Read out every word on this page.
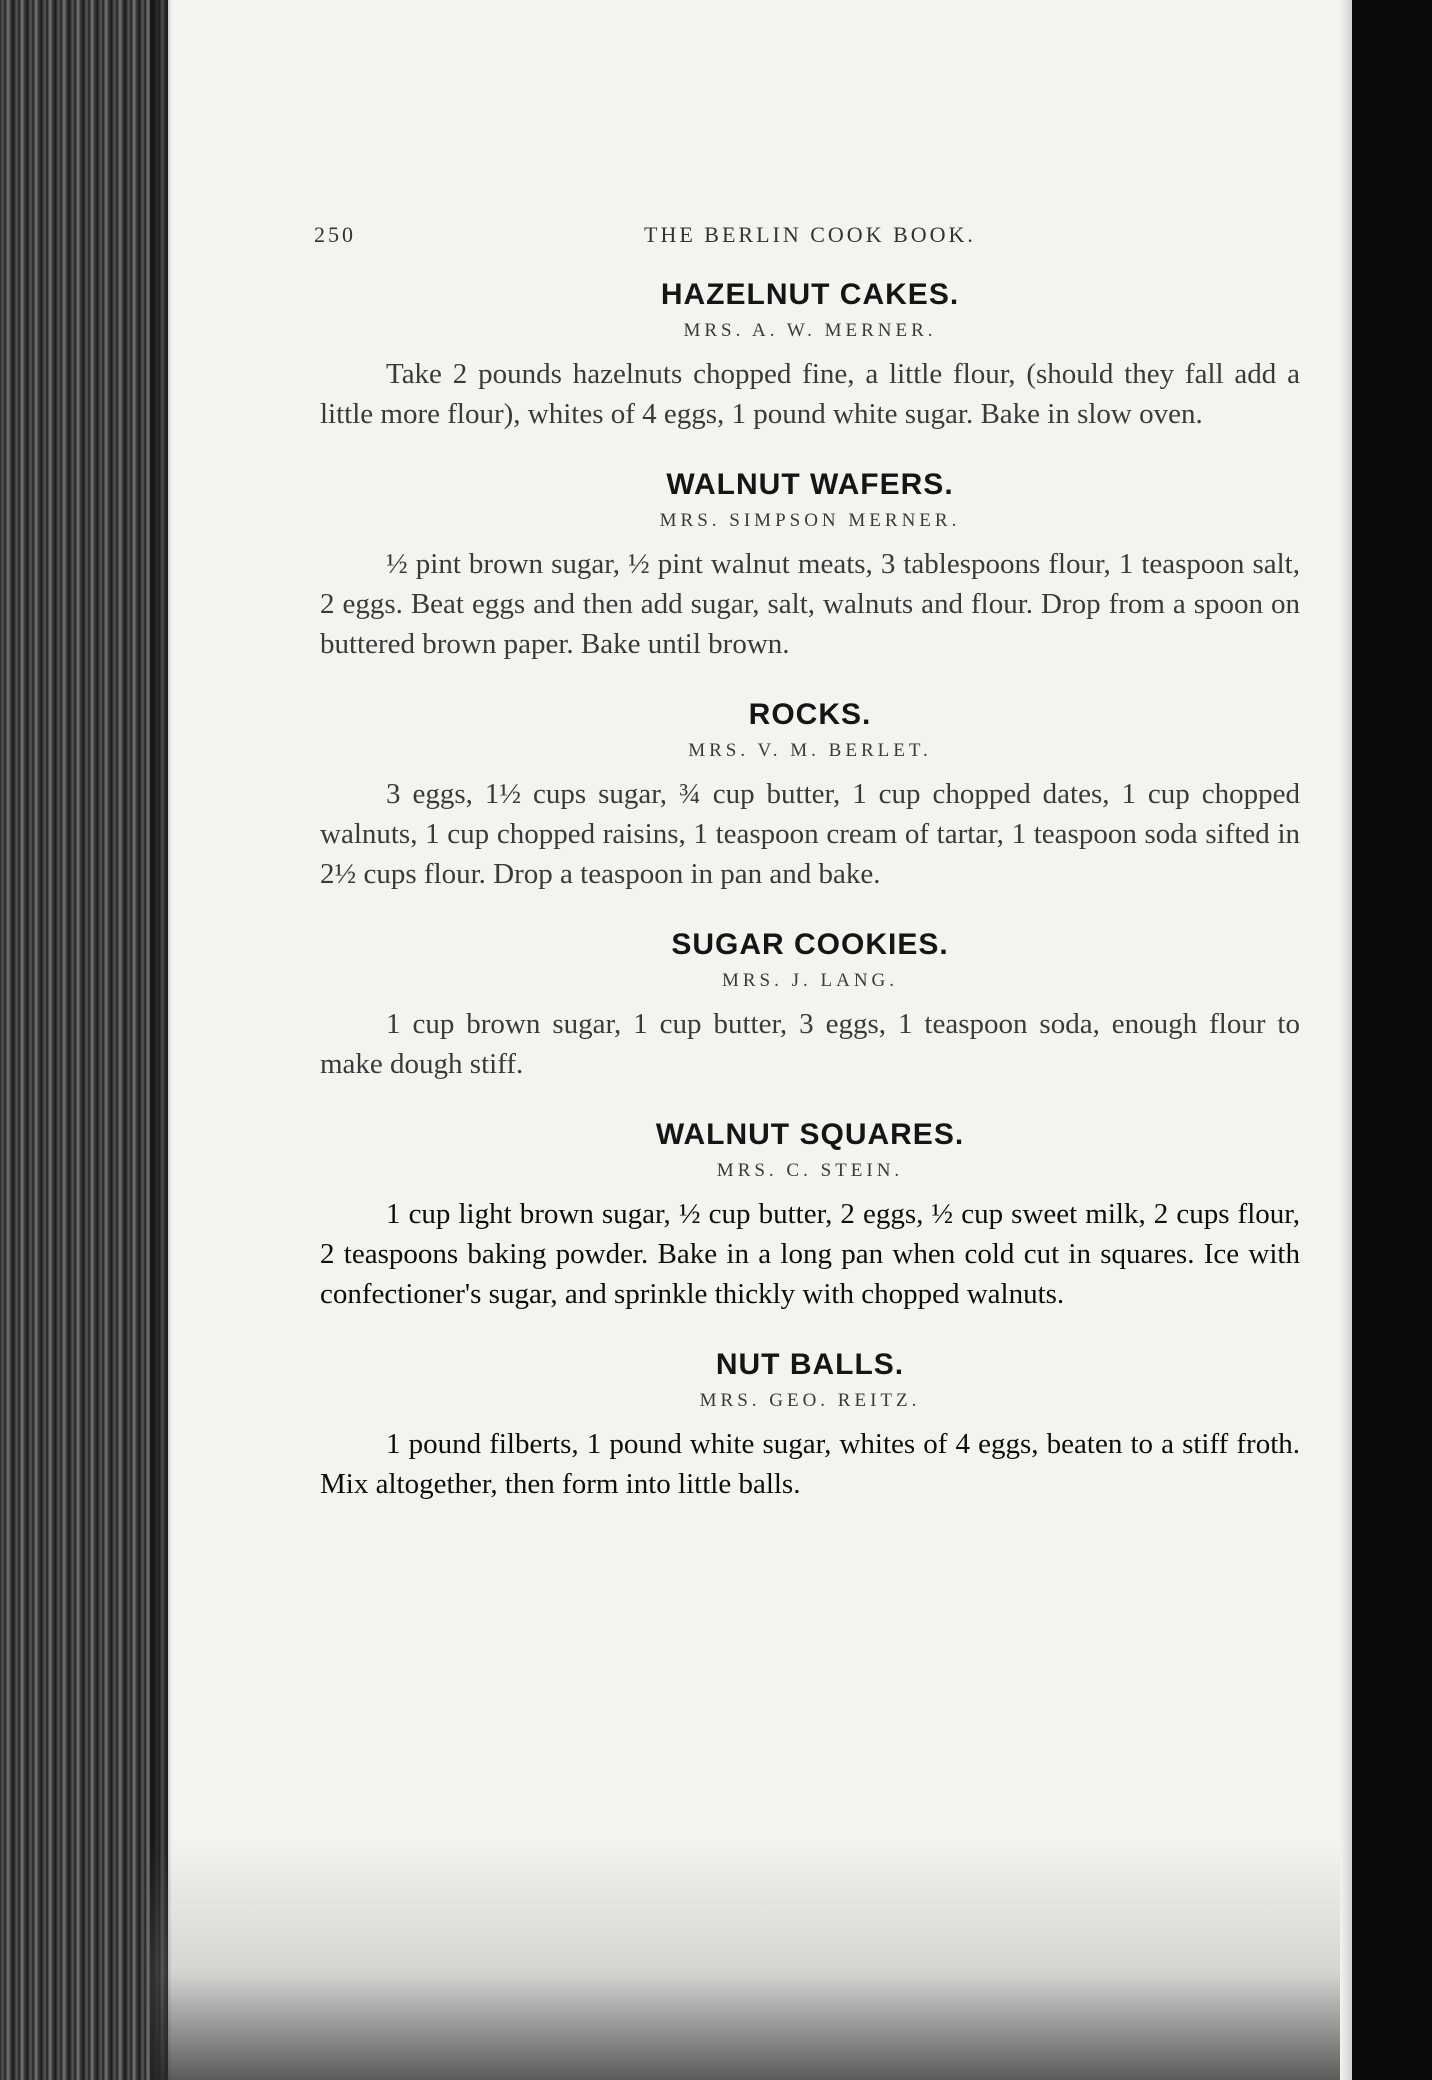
250	THE BERLIN COOK BOOK.
HAZELNUT CAKES.
MRS. A. W. MERNER.

Take 2 pounds hazelnuts chopped fine, a little flour, (should they fall add a little more flour), whites of 4 eggs, 1 pound white sugar. Bake in slow oven.

WALNUT WAFERS.
MRS. SIMPSON MERNER.

½ pint brown sugar, ½ pint walnut meats, 3 tablespoons flour, 1 teaspoon salt, 2 eggs. Beat eggs and then add sugar, salt, walnuts and flour. Drop from a spoon on buttered brown paper. Bake until brown.

ROCKS.
MRS. V. M. BERLET.

3 eggs, 1½ cups sugar, ¾ cup butter, 1 cup chopped dates, 1 cup chopped walnuts, 1 cup chopped raisins, 1 teaspoon cream of tartar, 1 teaspoon soda sifted in 2½ cups flour. Drop a teaspoon in pan and bake.

SUGAR COOKIES.
MRS. J. LANG.

1 cup brown sugar, 1 cup butter, 3 eggs, 1 teaspoon soda, enough flour to make dough stiff.

WALNUT SQUARES.
MRS. C. STEIN.

1 cup light brown sugar, ½ cup butter, 2 eggs, ½ cup sweet milk, 2 cups flour, 2 teaspoons baking powder. Bake in a long pan when cold cut in squares. Ice with confectioner's sugar, and sprinkle thickly with chopped walnuts.

NUT BALLS.
MRS. GEO. REITZ.

1 pound filberts, 1 pound white sugar, whites of 4 eggs, beaten to a stiff froth. Mix altogether, then form into little balls.
